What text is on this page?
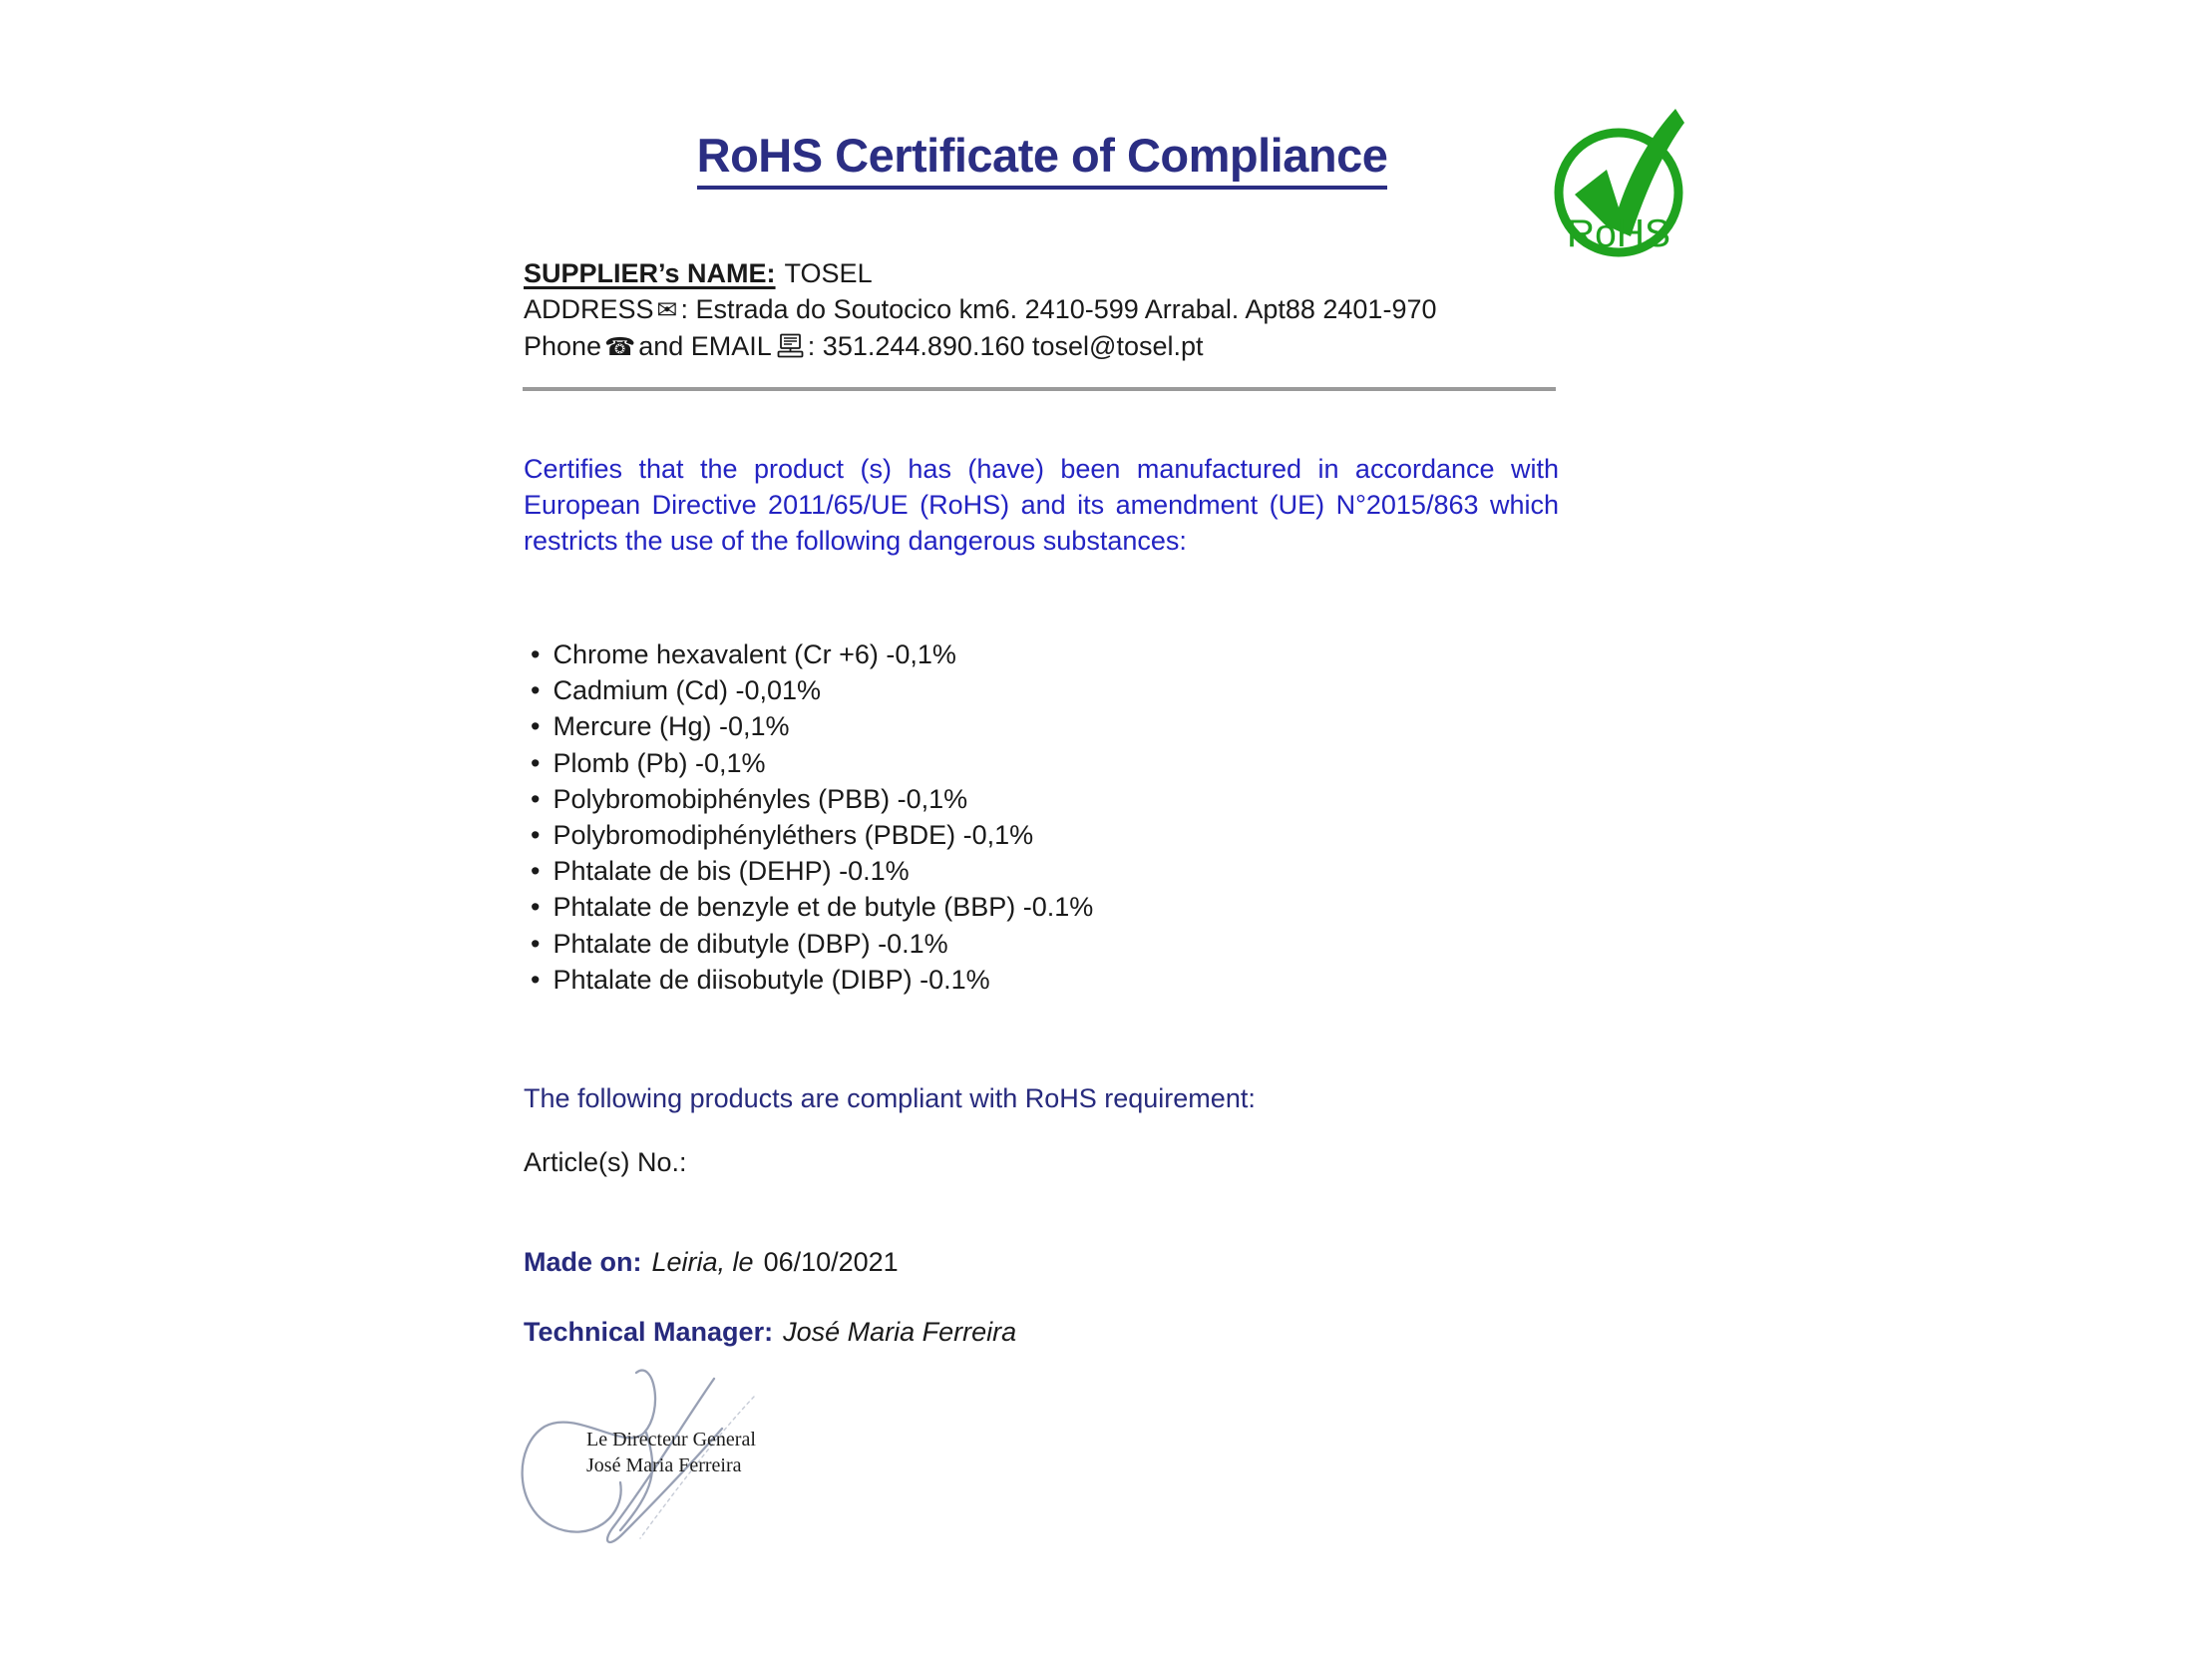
RoHS Certificate of Compliance
RoHS

SUPPLIER’s NAME: TOSEL

ADDRESS ✉ : Estrada do Soutocico km6. 2410-599 Arrabal. Apt88 2401-970

Phone ☎ and EMAIL : 351.244.890.160 tosel@tosel.pt

Certifies that the product (s) has (have) been manufactured in accordance with European Directive 2011/65/UE (RoHS) and its amendment (UE) N°2015/863 which restricts the use of the following dangerous substances:

• Chrome hexavalent (Cr +6) -0,1%
• Cadmium (Cd) -0,01%
• Mercure (Hg) -0,1%
• Plomb (Pb) -0,1%
• Polybromobiphényles (PBB) -0,1%
• Polybromodiphényléthers (PBDE) -0,1%
• Phtalate de bis (DEHP) -0.1%
• Phtalate de benzyle et de butyle (BBP) -0.1%
• Phtalate de dibutyle (DBP) -0.1%
• Phtalate de diisobutyle (DIBP) -0.1%

The following products are compliant with RoHS requirement:

Article(s) No.:

Made on: Leiria, le 06/10/2021

Technical Manager: José Maria Ferreira

Le Directeur General
José Maria Ferreira
